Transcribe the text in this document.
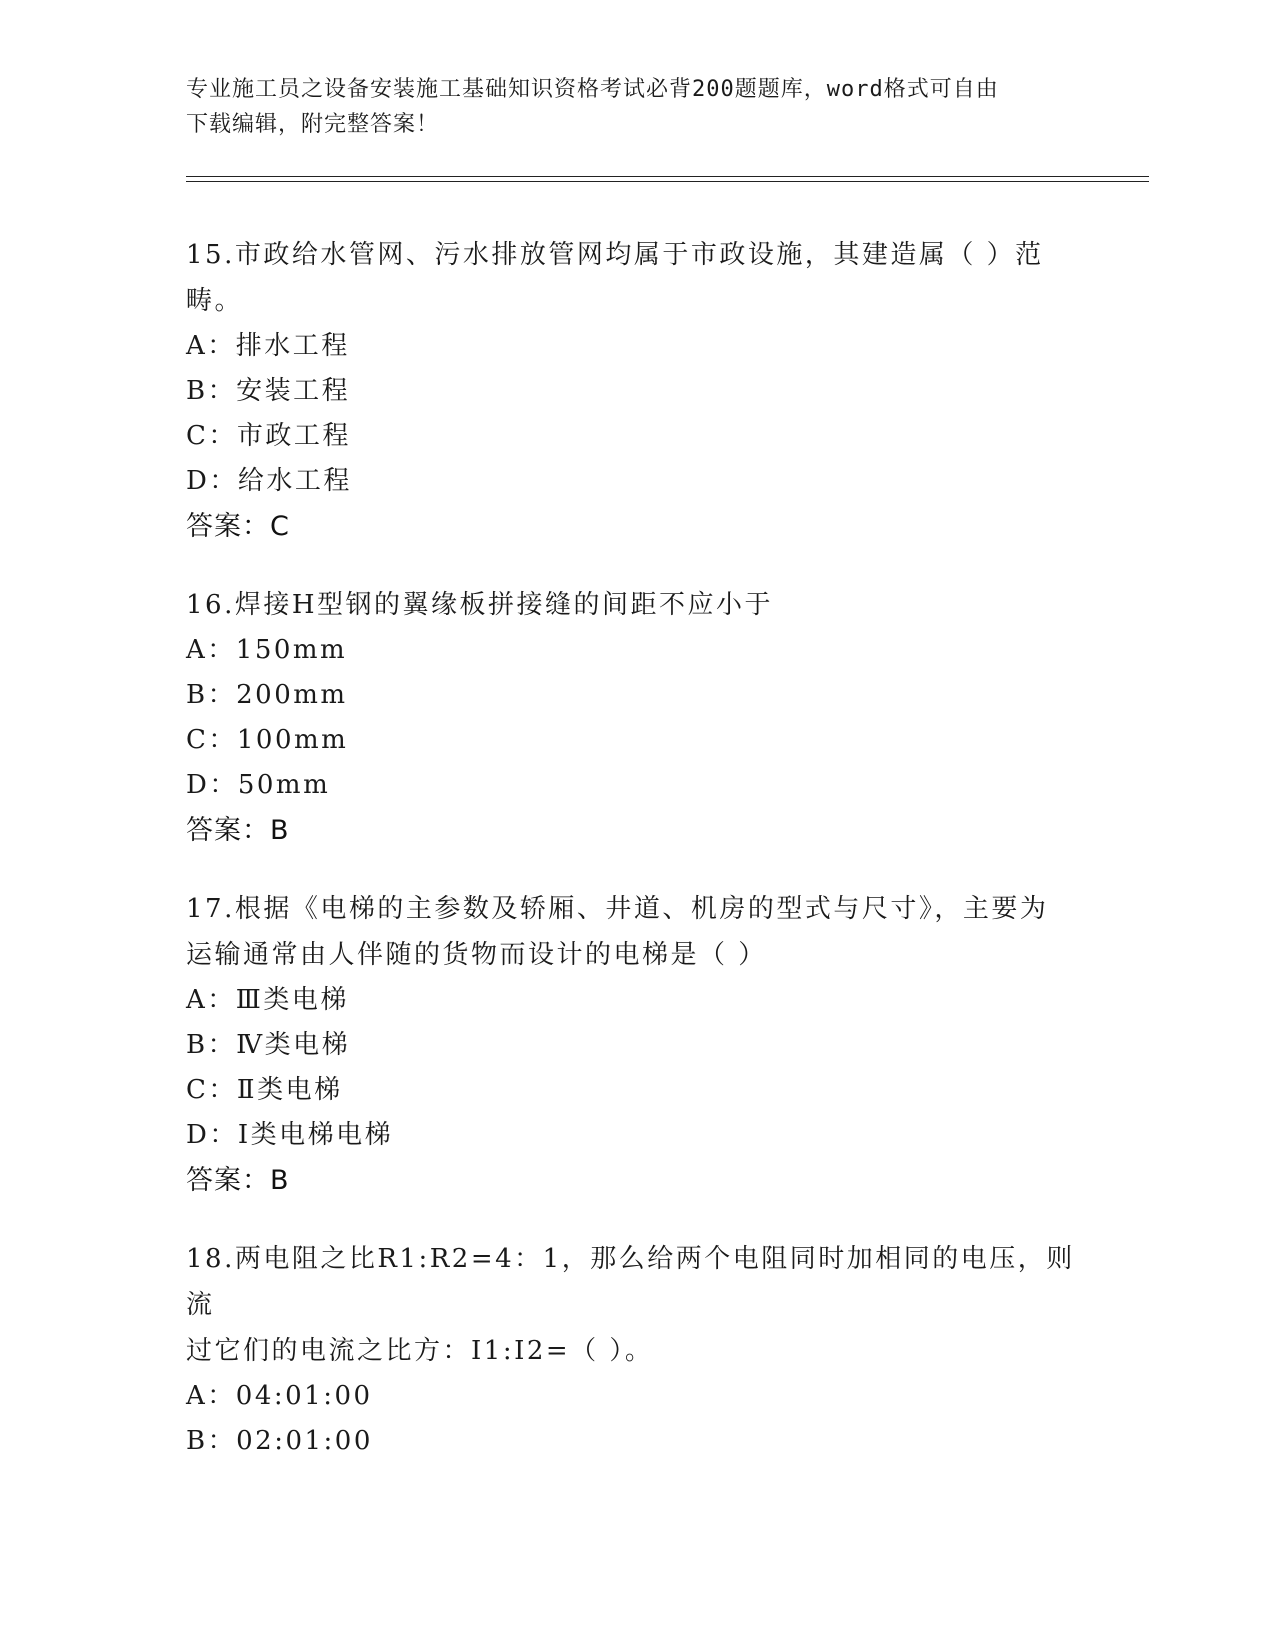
专业施工员之设备安装施工基础知识资格考试必背200题题库，word格式可自由
下载编辑，附完整答案！

15.市政给水管网、污水排放管网均属于市政设施，其建造属（ ）范

畴。

A：排水工程

B：安装工程

C：市政工程

D：给水工程

答案：C

16.焊接H型钢的翼缘板拼接缝的间距不应小于

A：150mm

B：200mm

C：100mm

D：50mm

答案：B

17.根据《电梯的主参数及轿厢、井道、机房的型式与尺寸》，主要为

运输通常由人伴随的货物而设计的电梯是（ ）

A：Ⅲ类电梯

B：Ⅳ类电梯

C：Ⅱ类电梯

D：Ⅰ类电梯电梯

答案：B

18.两电阻之比R1:R2=4：1，那么给两个电阻同时加相同的电压，则流

过它们的电流之比方：I1:I2=（ ）。

A：04:01:00

B：02:01:00
